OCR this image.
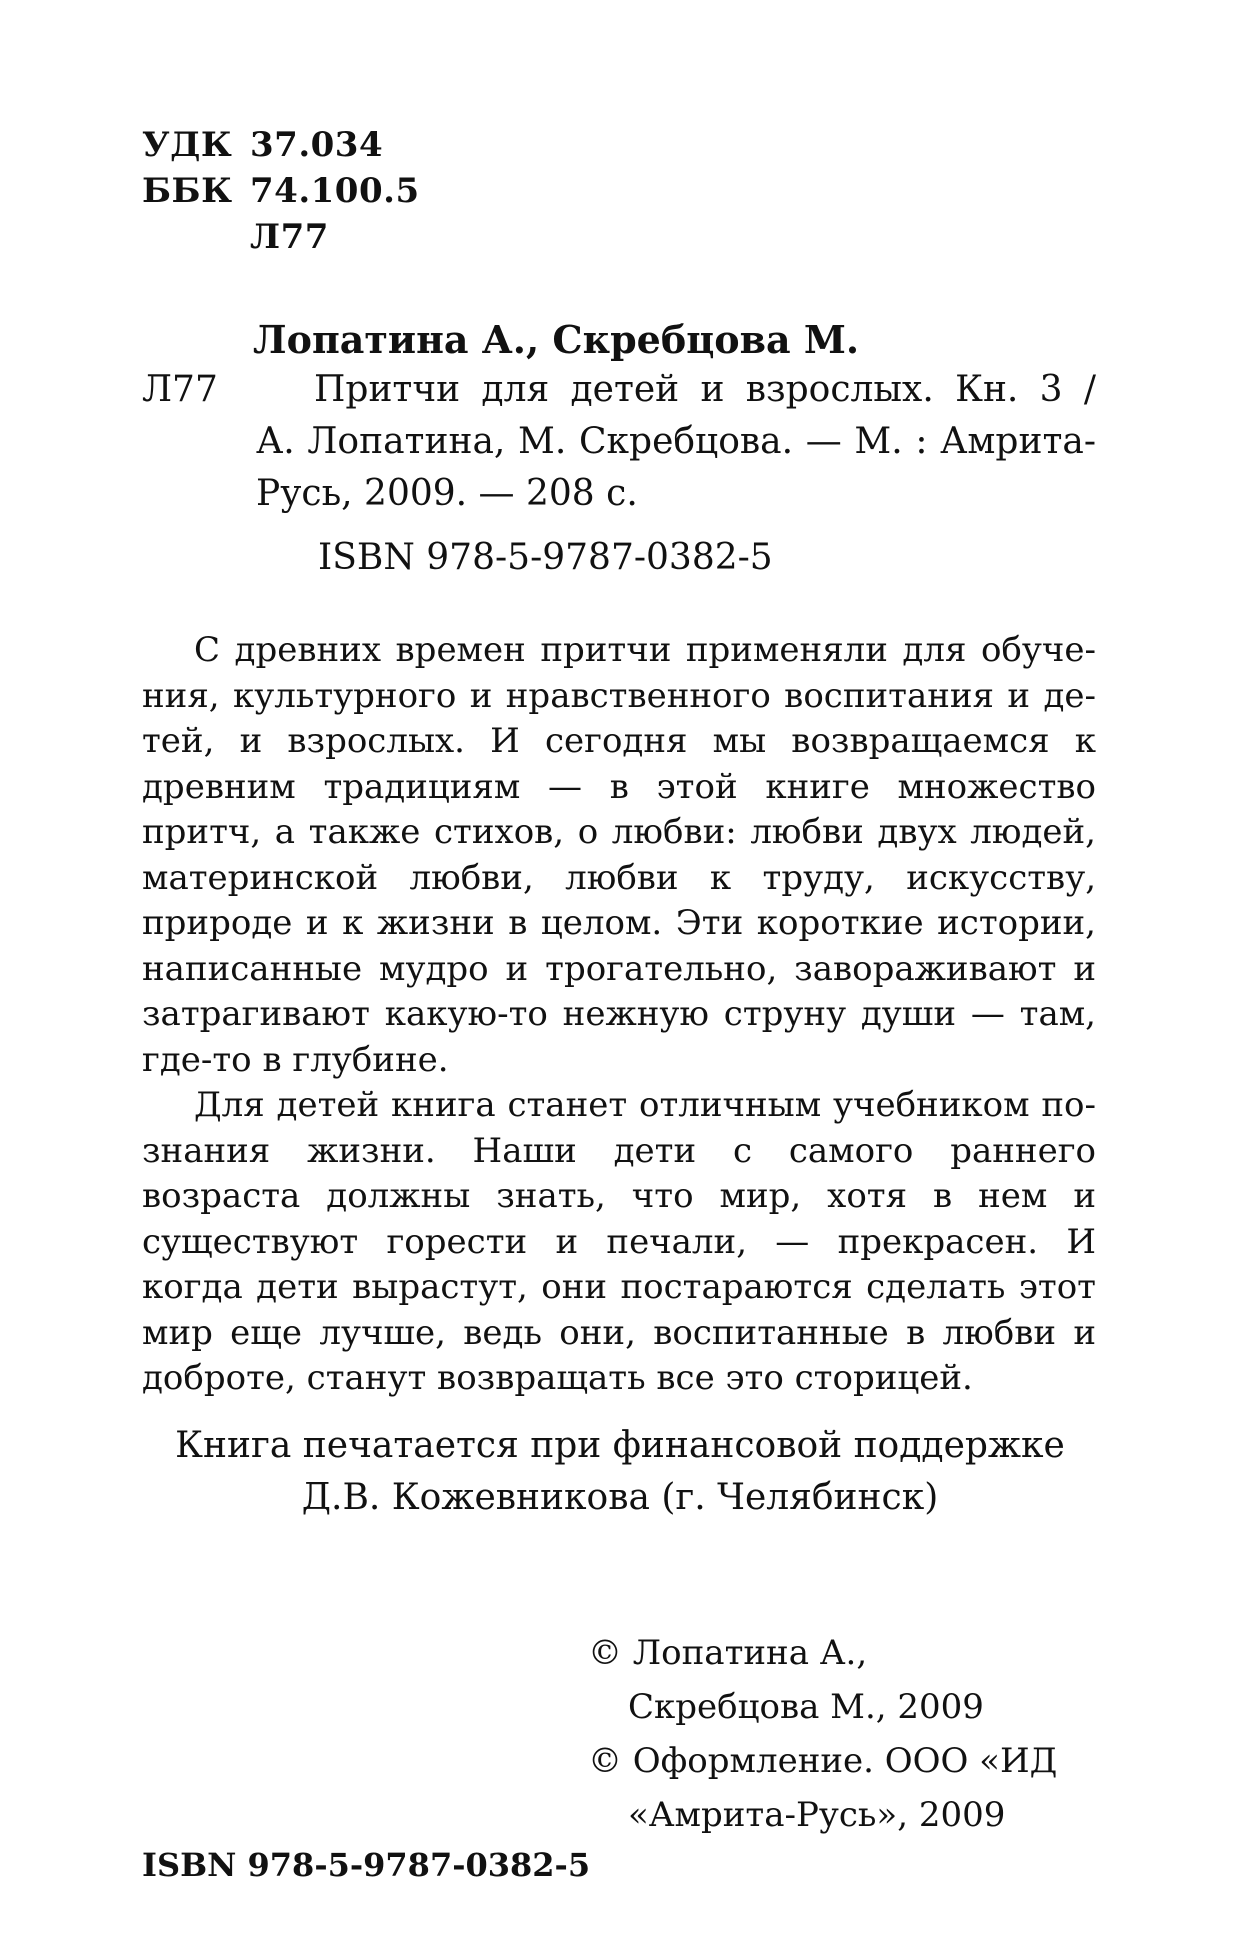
УДК 37.034
ББК 74.100.5
Л77
Лопатина А., Скребцова М.
Л77	Притчи для детей и взрослых. Кн. 3 /
А. Лопатина, М. Скребцова. — М. : Амрита-
Русь, 2009. — 208 с.
ISBN 978-5-9787-0382-5

С древних времен притчи применяли для обучения, культурного и нравственного воспитания и детей, и взрослых. И сегодня мы возвращаемся к древним традициям — в этой книге множество притч, а также стихов, о любви: любви двух людей, материнской любви, любви к труду, искусству, природе и к жизни в целом. Эти короткие истории, написанные мудро и трогательно, завораживают и затрагивают какую-то нежную струну души — там, где-то в глубине.

Для детей книга станет отличным учебником познания жизни. Наши дети с самого раннего возраста должны знать, что мир, хотя в нем и существуют горести и печали, — прекрасен. И когда дети вырастут, они постараются сделать этот мир еще лучше, ведь они, воспитанные в любви и доброте, станут возвращать все это сторицей.

Книга печатается при финансовой поддержке
Д.В. Кожевникова (г. Челябинск)
© Лопатина А.,
Скребцова М., 2009
© Оформление. ООО «ИД
«Амрита-Русь», 2009
ISBN 978-5-9787-0382-5
